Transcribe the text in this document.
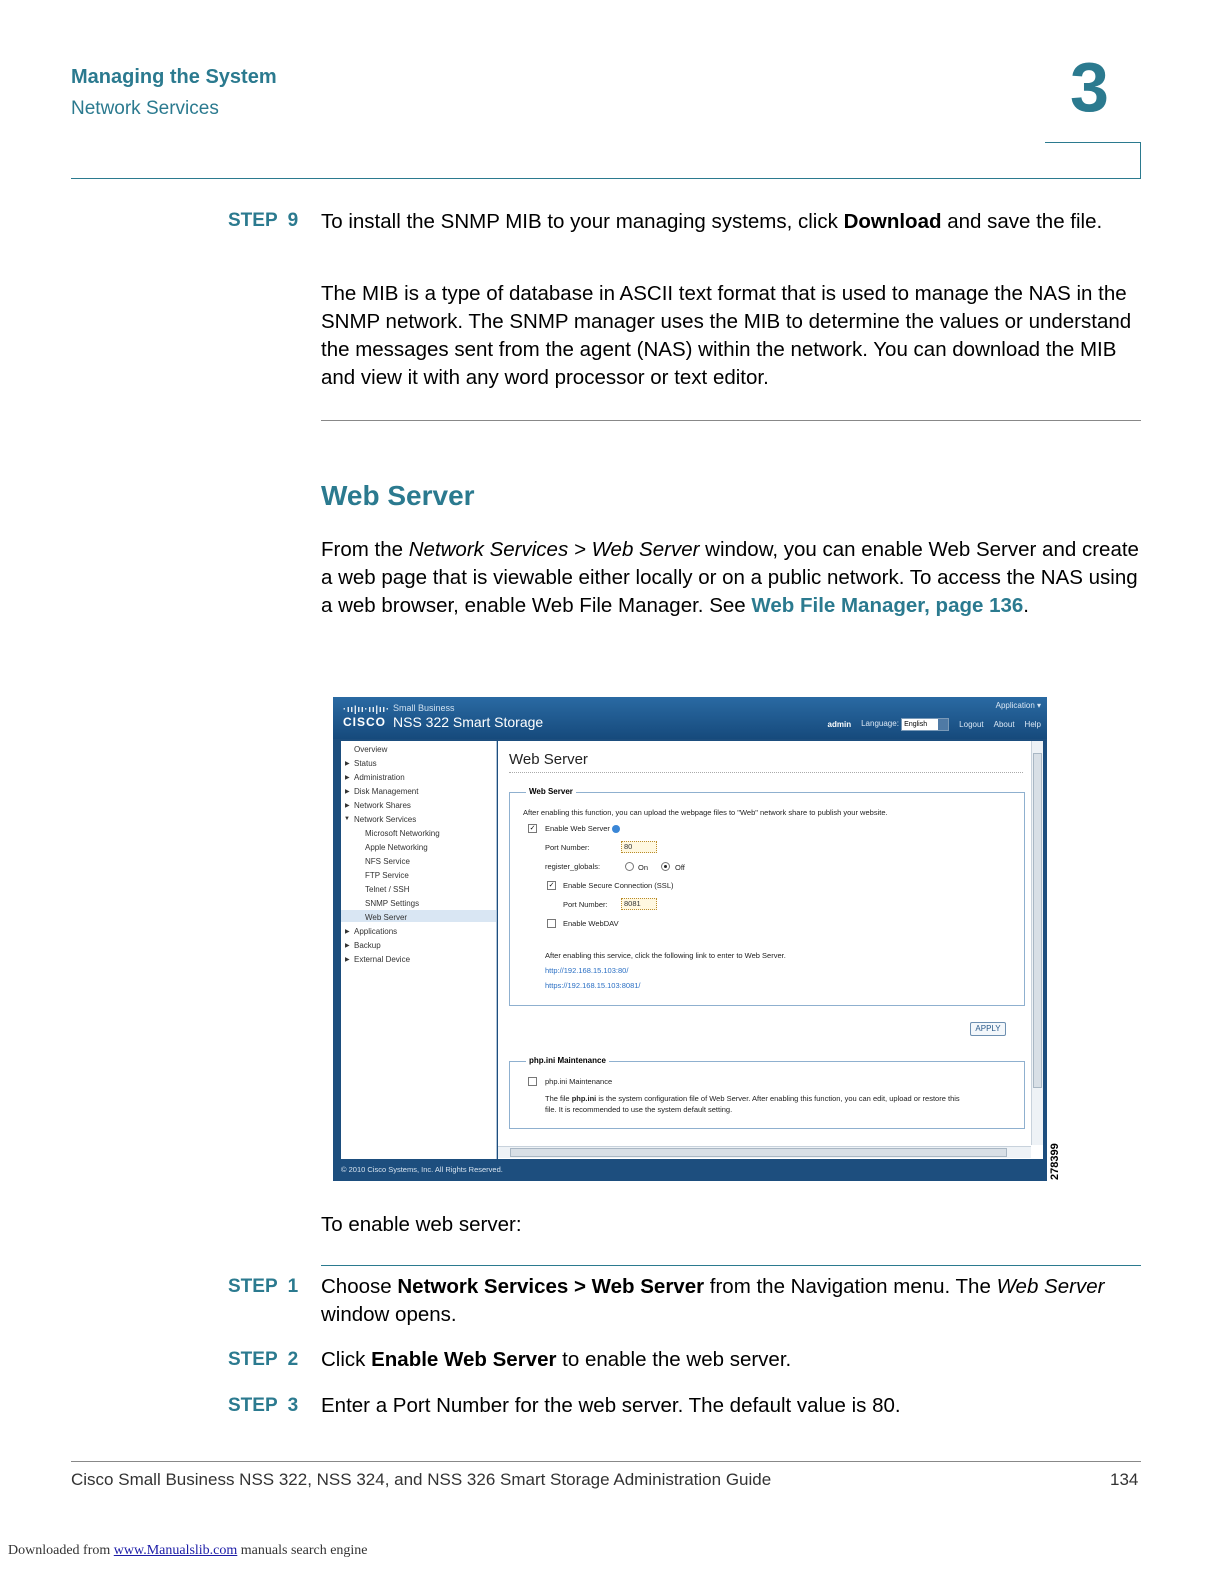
Managing the System
Network Services	3
STEP 9 To install the SNMP MIB to your managing systems, click Download and save the file.
The MIB is a type of database in ASCII text format that is used to manage the NAS in the SNMP network. The SNMP manager uses the MIB to determine the values or understand the messages sent from the agent (NAS) within the network. You can download the MIB and view it with any word processor or text editor.
Web Server
From the Network Services > Web Server window, you can enable Web Server and create a web page that is viewable either locally or on a public network. To access the NAS using a web browser, enable Web File Manager. See Web File Manager, page 136.
·ıı|ıı·ıı|ıı·
CISCO
Small Business
NSS 322 Smart Storage
Application ▾
admin Language: English	Logout About Help
Overview
▶ Status
▶ Administration
▶ Disk Management
▶ Network Shares
▼ Network Services
Microsoft Networking
Apple Networking
NFS Service
FTP Service
Telnet / SSH
SNMP Settings
Web Server
▶ Applications
▶ Backup
▶ External Device
Web Server
Web Server
After enabling this function, you can upload the webpage files to "Web" network share to publish your website.
✓ Enable Web Server
Port Number:	80
register_globals:	On	Off
✓ Enable Secure Connection (SSL)
Port Number:	8081
Enable WebDAV
After enabling this service, click the following link to enter to Web Server.
http://192.168.15.103:80/
https://192.168.15.103:8081/
APPLY
php.ini Maintenance
php.ini Maintenance
The file php.ini is the system configuration file of Web Server. After enabling this function, you can edit, upload or restore this
file. It is recommended to use the system default setting.
© 2010 Cisco Systems, Inc. All Rights Reserved.	278399
To enable web server:
STEP 1 Choose Network Services > Web Server from the Navigation menu. The Web Server window opens.
STEP 2 Click Enable Web Server to enable the web server.
STEP 3 Enter a Port Number for the web server. The default value is 80.
Cisco Small Business NSS 322, NSS 324, and NSS 326 Smart Storage Administration Guide	134
Downloaded from www.Manualslib.com manuals search engine
